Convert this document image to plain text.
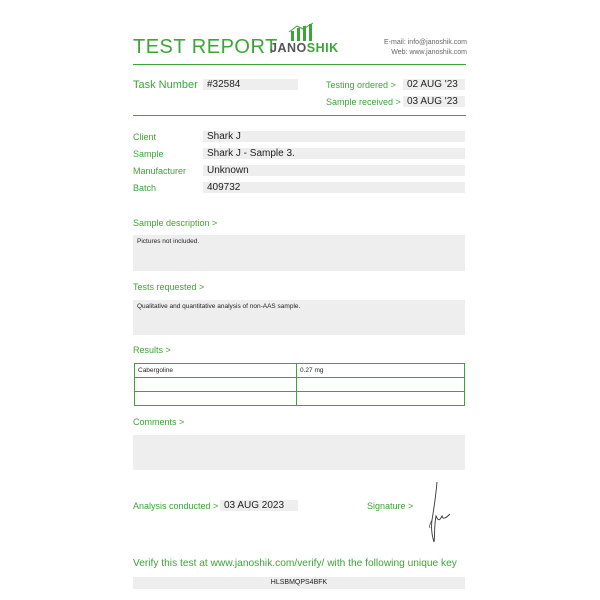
TEST REPORT
JANOSHIK	E-mail: info@janoshik.com
Web: www.janoshik.com
Task Number #32584	Testing ordered >	02 AUG '23
Sample received > 03 AUG '23
Client	Shark J
Sample	Shark J - Sample 3.
Manufacturer	Unknown
Batch	409732
Sample description >
Pictures not included.
Tests requested >
Qualitative and quantitative analysis of non-AAS sample.
Results >
Cabergoline	0.27 mg

Comments >
Analysis conducted > 03 AUG 2023	Signature >
Verify this test at www.janoshik.com/verify/ with the following unique key
HLSBMQPS4BFK
